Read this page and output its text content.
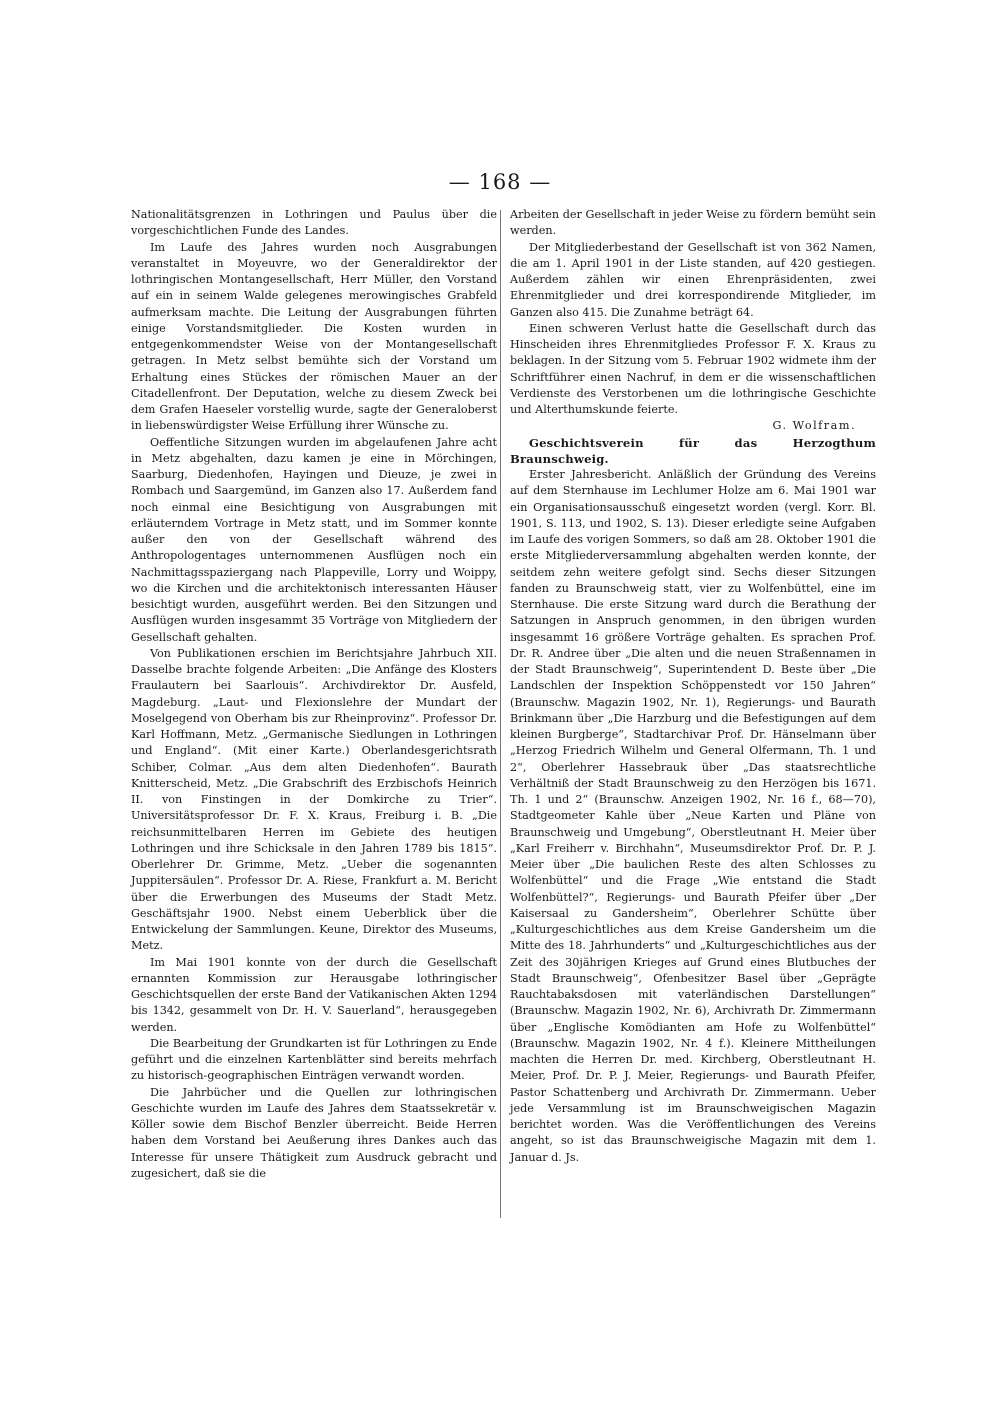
— 168 —

Nationalitätsgrenzen in Lothringen und Paulus über die vorgeschichtlichen Funde des Landes.

Im Laufe des Jahres wurden noch Ausgrabungen veranstaltet in Moyeuvre, wo der Generaldirektor der lothringischen Montangesellschaft, Herr Müller, den Vorstand auf ein in seinem Walde gelegenes merowingisches Grabfeld aufmerksam machte. Die Leitung der Ausgrabungen führten einige Vorstandsmitglieder. Die Kosten wurden in entgegenkommendster Weise von der Montangesellschaft getragen. In Metz selbst bemühte sich der Vorstand um Erhaltung eines Stückes der römischen Mauer an der Citadellenfront. Der Deputation, welche zu diesem Zweck bei dem Grafen Haeseler vorstellig wurde, sagte der Generaloberst in liebenswürdigster Weise Erfüllung ihrer Wünsche zu.

Oeffentliche Sitzungen wurden im abgelaufenen Jahre acht in Metz abgehalten, dazu kamen je eine in Mörchingen, Saarburg, Diedenhofen, Hayingen und Dieuze, je zwei in Rombach und Saargemünd, im Ganzen also 17. Außerdem fand noch einmal eine Besichtigung von Ausgrabungen mit erläuterndem Vortrage in Metz statt, und im Sommer konnte außer den von der Gesellschaft während des Anthropologentages unternommenen Ausflügen noch ein Nachmittagsspaziergang nach Plappeville, Lorry und Woippy, wo die Kirchen und die architektonisch interessanten Häuser besichtigt wurden, ausgeführt werden. Bei den Sitzungen und Ausflügen wurden insgesammt 35 Vorträge von Mitgliedern der Gesellschaft gehalten.

Von Publikationen erschien im Berichtsjahre Jahrbuch XII. Dasselbe brachte folgende Arbeiten: „Die Anfänge des Klosters Fraulautern bei Saarlouis“. Archivdirektor Dr. Ausfeld, Magdeburg. „Laut- und Flexionslehre der Mundart der Moselgegend von Oberham bis zur Rheinprovinz“. Professor Dr. Karl Hoffmann, Metz. „Germanische Siedlungen in Lothringen und England“. (Mit einer Karte.) Oberlandesgerichtsrath Schiber, Colmar. „Aus dem alten Diedenhofen“. Baurath Knitterscheid, Metz. „Die Grabschrift des Erzbischofs Heinrich II. von Finstingen in der Domkirche zu Trier“. Universitätsprofessor Dr. F. X. Kraus, Freiburg i. B. „Die reichsunmittelbaren Herren im Gebiete des heutigen Lothringen und ihre Schicksale in den Jahren 1789 bis 1815“. Oberlehrer Dr. Grimme, Metz. „Ueber die sogenannten Juppitersäulen“. Professor Dr. A. Riese, Frankfurt a. M. Bericht über die Erwerbungen des Museums der Stadt Metz. Geschäftsjahr 1900. Nebst einem Ueberblick über die Entwickelung der Sammlungen. Keune, Direktor des Museums, Metz.

Im Mai 1901 konnte von der durch die Gesellschaft ernannten Kommission zur Herausgabe lothringischer Geschichtsquellen der erste Band der Vatikanischen Akten 1294 bis 1342, gesammelt von Dr. H. V. Sauerland“, herausgegeben werden.

Die Bearbeitung der Grundkarten ist für Lothringen zu Ende geführt und die einzelnen Kartenblätter sind bereits mehrfach zu historisch-geographischen Einträgen verwandt worden.

Die Jahrbücher und die Quellen zur lothringischen Geschichte wurden im Laufe des Jahres dem Staatssekretär v. Köller sowie dem Bischof Benzler überreicht. Beide Herren haben dem Vorstand bei Aeußerung ihres Dankes auch das Interesse für unsere Thätigkeit zum Ausdruck gebracht und zugesichert, daß sie die

Arbeiten der Gesellschaft in jeder Weise zu fördern bemüht sein werden.

Der Mitgliederbestand der Gesellschaft ist von 362 Namen, die am 1. April 1901 in der Liste standen, auf 420 gestiegen. Außerdem zählen wir einen Ehrenpräsidenten, zwei Ehrenmitglieder und drei korrespondirende Mitglieder, im Ganzen also 415. Die Zunahme beträgt 64.

Einen schweren Verlust hatte die Gesellschaft durch das Hinscheiden ihres Ehrenmitgliedes Professor F. X. Kraus zu beklagen. In der Sitzung vom 5. Februar 1902 widmete ihm der Schriftführer einen Nachruf, in dem er die wissenschaftlichen Verdienste des Verstorbenen um die lothringische Geschichte und Alterthumskunde feierte.

G. Wolfram.

Geschichtsverein für das Herzogthum Braunschweig.

Erster Jahresbericht. Anläßlich der Gründung des Vereins auf dem Sternhause im Lechlumer Holze am 6. Mai 1901 war ein Organisationsausschuß eingesetzt worden (vergl. Korr. Bl. 1901, S. 113, und 1902, S. 13). Dieser erledigte seine Aufgaben im Laufe des vorigen Sommers, so daß am 28. Oktober 1901 die erste Mitgliederversammlung abgehalten werden konnte, der seitdem zehn weitere gefolgt sind. Sechs dieser Sitzungen fanden zu Braunschweig statt, vier zu Wolfenbüttel, eine im Sternhause. Die erste Sitzung ward durch die Berathung der Satzungen in Anspruch genommen, in den übrigen wurden insgesammt 16 größere Vorträge gehalten. Es sprachen Prof. Dr. R. Andree über „Die alten und die neuen Straßennamen in der Stadt Braunschweig“, Superintendent D. Beste über „Die Landschlen der Inspektion Schöppenstedt vor 150 Jahren“ (Braunschw. Magazin 1902, Nr. 1), Regierungs- und Baurath Brinkmann über „Die Harzburg und die Befestigungen auf dem kleinen Burgberge“, Stadtarchivar Prof. Dr. Hänselmann über „Herzog Friedrich Wilhelm und General Olfermann, Th. 1 und 2“, Oberlehrer Hassebrauk über „Das staatsrechtliche Verhältniß der Stadt Braunschweig zu den Herzögen bis 1671. Th. 1 und 2“ (Braunschw. Anzeigen 1902, Nr. 16 f., 68—70), Stadtgeometer Kahle über „Neue Karten und Pläne von Braunschweig und Umgebung“, Oberstleutnant H. Meier über „Karl Freiherr v. Birchhahn“, Museumsdirektor Prof. Dr. P. J. Meier über „Die baulichen Reste des alten Schlosses zu Wolfenbüttel“ und die Frage „Wie entstand die Stadt Wolfenbüttel?“, Regierungs- und Baurath Pfeifer über „Der Kaisersaal zu Gandersheim“, Oberlehrer Schütte über „Kulturgeschichtliches aus dem Kreise Gandersheim um die Mitte des 18. Jahrhunderts“ und „Kulturgeschichtliches aus der Zeit des 30jährigen Krieges auf Grund eines Blutbuches der Stadt Braunschweig“, Ofenbesitzer Basel über „Geprägte Rauchtabaksdosen mit vaterländischen Darstellungen“ (Braunschw. Magazin 1902, Nr. 6), Archivrath Dr. Zimmermann über „Englische Komödianten am Hofe zu Wolfenbüttel“ (Braunschw. Magazin 1902, Nr. 4 f.). Kleinere Mittheilungen machten die Herren Dr. med. Kirchberg, Oberstleutnant H. Meier, Prof. Dr. P. J. Meier, Regierungs- und Baurath Pfeifer, Pastor Schattenberg und Archivrath Dr. Zimmermann. Ueber jede Versammlung ist im Braunschweigischen Magazin berichtet worden. Was die Veröffentlichungen des Vereins angeht, so ist das Braunschweigische Magazin mit dem 1. Januar d. Js.
